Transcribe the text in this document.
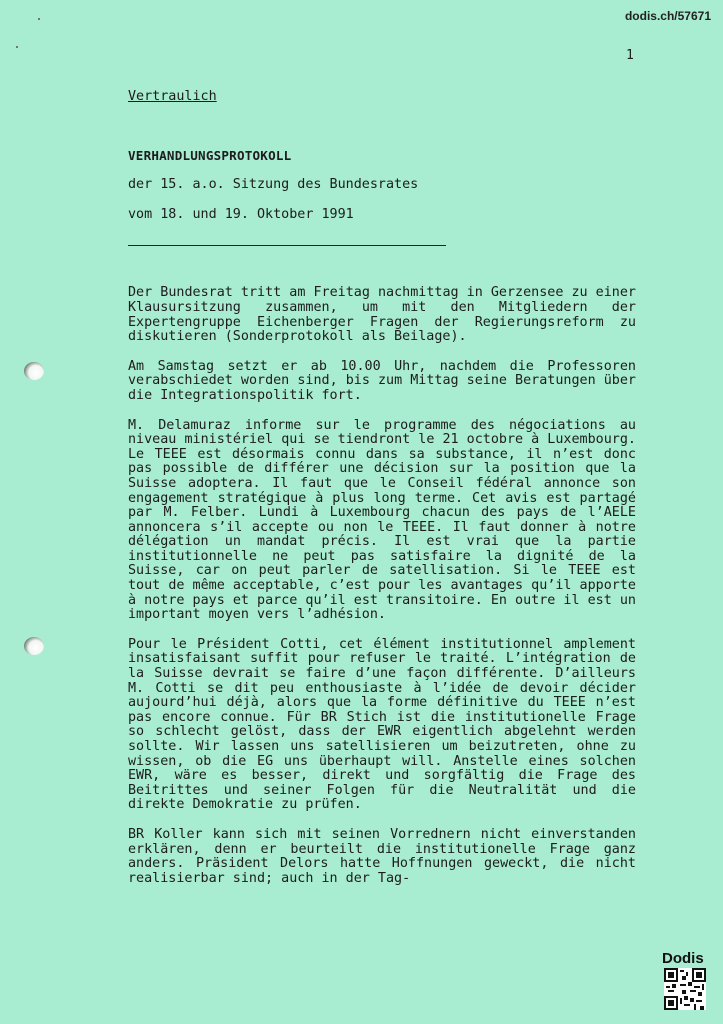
dodis.ch/57671
1

Vertraulich

VERHANDLUNGSPROTOKOLL

der 15. a.o. Sitzung des Bundesrates

vom 18. und 19. Oktober 1991

Der Bundesrat tritt am Freitag nachmittag in Gerzensee zu einer Klausursitzung zusammen, um mit den Mitgliedern der Expertengruppe Eichenberger Fragen der Regierungsreform zu diskutieren (Sonderprotokoll als Beilage).

Am Samstag setzt er ab 10.00 Uhr, nachdem die Professoren verabschiedet worden sind, bis zum Mittag seine Beratungen über die Integrationspolitik fort.

M. Delamuraz informe sur le programme des négociations au niveau ministériel qui se tiendront le 21 octobre à Luxembourg. Le TEEE est désormais connu dans sa substance, il n’est donc pas possible de différer une décision sur la position que la Suisse adoptera. Il faut que le Conseil fédéral annonce son engagement stratégique à plus long terme. Cet avis est partagé par M. Felber. Lundi à Luxembourg chacun des pays de l’AELE annoncera s’il accepte ou non le TEEE. Il faut donner à notre délégation un mandat précis. Il est vrai que la partie institutionnelle ne peut pas satisfaire la dignité de la Suisse, car on peut parler de satellisation. Si le TEEE est tout de même acceptable, c’est pour les avantages qu’il apporte à notre pays et parce qu’il est transitoire. En outre il est un important moyen vers l’adhésion.

Pour le Président Cotti, cet élément institutionnel amplement insatisfaisant suffit pour refuser le traité. L’intégration de la Suisse devrait se faire d’une façon différente. D’ailleurs M. Cotti se dit peu enthousiaste à l’idée de devoir décider aujourd’hui déjà, alors que la forme définitive du TEEE n’est pas encore connue. Für BR Stich ist die institutionelle Frage so schlecht gelöst, dass der EWR eigentlich abgelehnt werden sollte. Wir lassen uns satellisieren um beizutreten, ohne zu wissen, ob die EG uns überhaupt will. Anstelle eines solchen EWR, wäre es besser, direkt und sorgfältig die Frage des Beitrittes und seiner Folgen für die Neutralität und die direkte Demokratie zu prüfen.

BR Koller kann sich mit seinen Vorrednern nicht einverstanden erklären, denn er beurteilt die institutionelle Frage ganz anders. Präsident Delors hatte Hoffnungen geweckt, die nicht realisierbar sind; auch in der Tag-

Dodis
